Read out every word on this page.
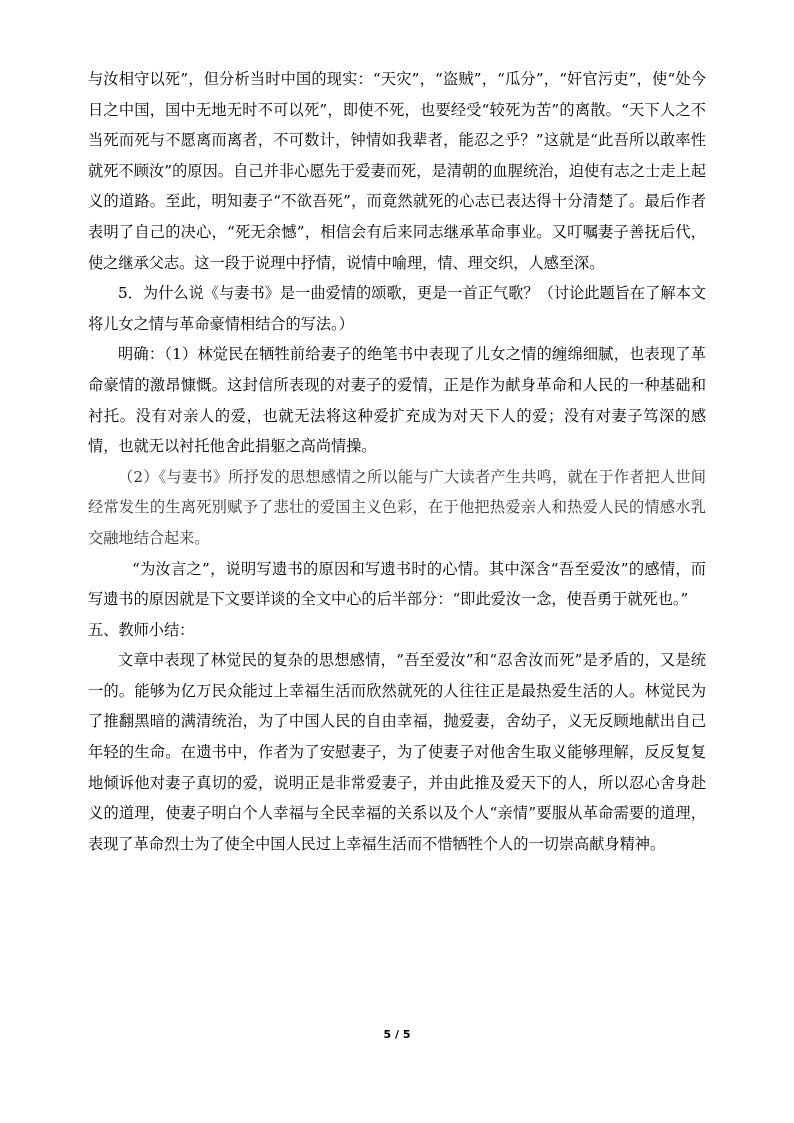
与汝相守以死”，但分析当时中国的现实：“天灾”，“盗贼”，“瓜分”，“奸官污吏”，使“处今日之中国，国中无地无时不可以死”，即使不死，也要经受“较死为苦”的离散。“天下人之不当死而死与不愿离而离者，不可数计，钟情如我辈者，能忍之乎？”这就是“此吾所以敢率性就死不顾汝”的原因。自己并非心愿先于爱妻而死，是清朝的血腥统治，迫使有志之士走上起义的道路。至此，明知妻子“不欲吾死”，而竟然就死的心志已表达得十分清楚了。最后作者表明了自己的决心，“死无余憾”，相信会有后来同志继承革命事业。又叮嘱妻子善抚后代，使之继承父志。这一段于说理中抒情，说情中喻理，情、理交织，人感至深。

5．为什么说《与妻书》是一曲爱情的颂歌，更是一首正气歌？（讨论此题旨在了解本文将儿女之情与革命豪情相结合的写法。）

明确：（1）林觉民在牺牲前给妻子的绝笔书中表现了儿女之情的缠绵细腻，也表现了革命豪情的激昂慷慨。这封信所表现的对妻子的爱情，正是作为献身革命和人民的一种基础和衬托。没有对亲人的爱，也就无法将这种爱扩充成为对天下人的爱；没有对妻子笃深的感情，也就无以衬托他舍此捐躯之高尚情操。

（2）《与妻书》所抒发的思想感情之所以能与广大读者产生共鸣，就在于作者把人世间经常发生的生离死别赋予了悲壮的爱国主义色彩，在于他把热爱亲人和热爱人民的情感水乳交融地结合起来。

“为汝言之”，说明写遗书的原因和写遗书时的心情。其中深含“吾至爱汝”的感情，而写遗书的原因就是下文要详谈的全文中心的后半部分：“即此爱汝一念，使吾勇于就死也。”

五、教师小结：

文章中表现了林觉民的复杂的思想感情，“吾至爱汝”和“忍舍汝而死”是矛盾的，又是统一的。能够为亿万民众能过上幸福生活而欣然就死的人往往正是最热爱生活的人。林觉民为了推翻黑暗的满清统治，为了中国人民的自由幸福，抛爱妻，舍幼子，义无反顾地献出自己年轻的生命。在遗书中，作者为了安慰妻子，为了使妻子对他舍生取义能够理解，反反复复地倾诉他对妻子真切的爱，说明正是非常爱妻子，并由此推及爱天下的人，所以忍心舍身赴义的道理，使妻子明白个人幸福与全民幸福的关系以及个人“亲情”要服从革命需要的道理，表现了革命烈士为了使全中国人民过上幸福生活而不惜牺牲个人的一切崇高献身精神。

5 / 5
